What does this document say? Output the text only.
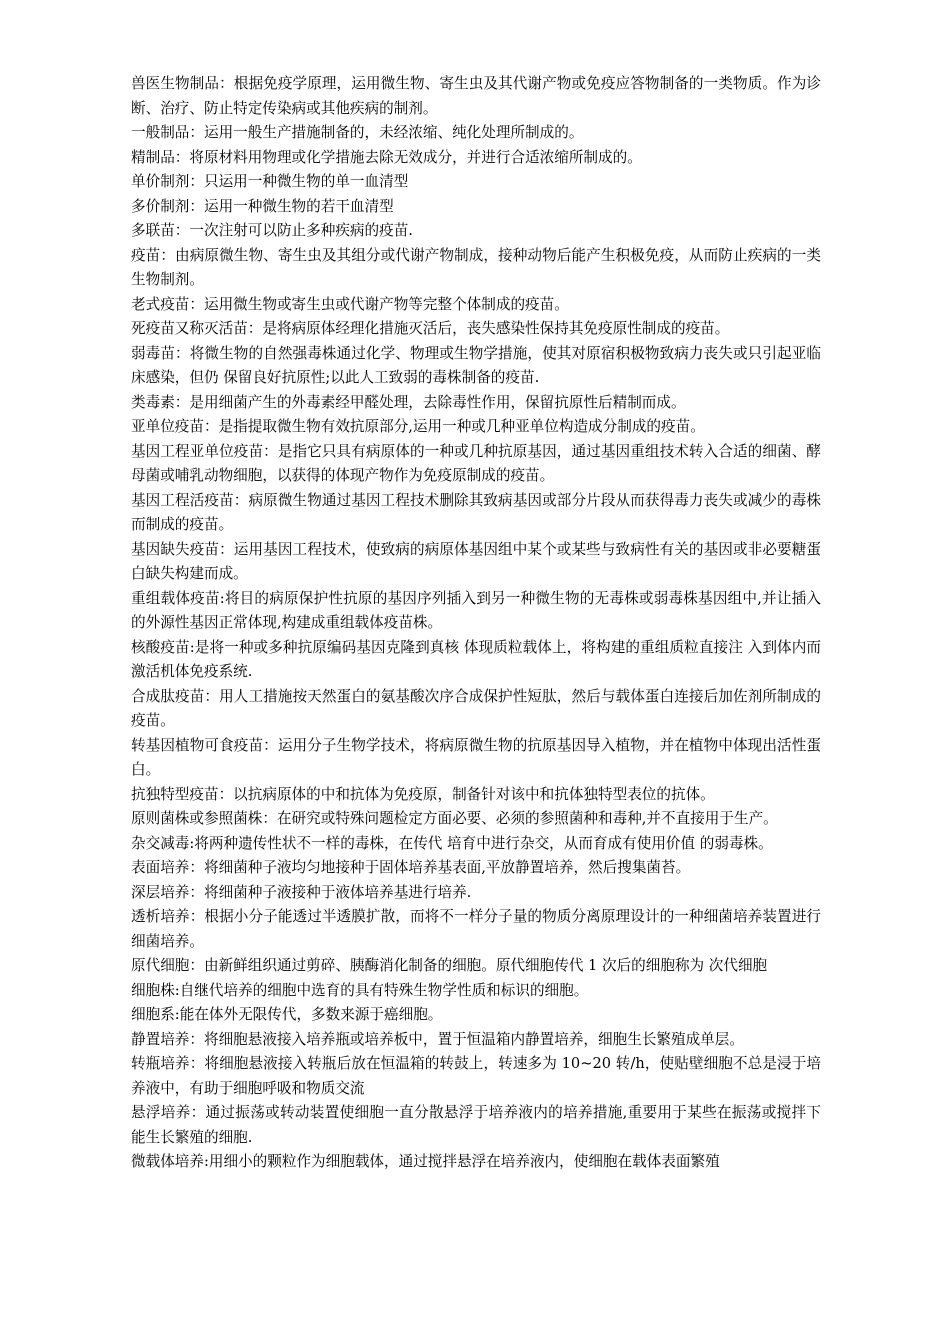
兽医生物制品：根据免疫学原理，运用微生物、寄生虫及其代谢产物或免疫应答物制备的一类物质。作为诊断、治疗、防止特定传染病或其他疾病的制剂。

一般制品：运用一般生产措施制备的，未经浓缩、纯化处理所制成的。

精制品：将原材料用物理或化学措施去除无效成分，并进行合适浓缩所制成的。

单价制剂：只运用一种微生物的单一血清型

多价制剂：运用一种微生物的若干血清型

多联苗：一次注射可以防止多种疾病的疫苗.

疫苗：由病原微生物、寄生虫及其组分或代谢产物制成，接种动物后能产生积极免疫，从而防止疾病的一类生物制剂。

老式疫苗：运用微生物或寄生虫或代谢产物等完整个体制成的疫苗。

死疫苗又称灭活苗：是将病原体经理化措施灭活后，丧失感染性保持其免疫原性制成的疫苗。

弱毒苗：将微生物的自然强毒株通过化学、物理或生物学措施，使其对原宿积极物致病力丧失或只引起亚临床感染，但仍 保留良好抗原性;以此人工致弱的毒株制备的疫苗.

类毒素：是用细菌产生的外毒素经甲醛处理，去除毒性作用，保留抗原性后精制而成。

亚单位疫苗：是指提取微生物有效抗原部分,运用一种或几种亚单位构造成分制成的疫苗。

基因工程亚单位疫苗：是指它只具有病原体的一种或几种抗原基因，通过基因重组技术转入合适的细菌、酵母菌或哺乳动物细胞，以获得的体现产物作为免疫原制成的疫苗。

基因工程活疫苗：病原微生物通过基因工程技术删除其致病基因或部分片段从而获得毒力丧失或减少的毒株而制成的疫苗。

基因缺失疫苗：运用基因工程技术，使致病的病原体基因组中某个或某些与致病性有关的基因或非必要糖蛋白缺失构建而成。

重组载体疫苗:将目的病原保护性抗原的基因序列插入到另一种微生物的无毒株或弱毒株基因组中,并让插入的外源性基因正常体现,构建成重组载体疫苗株。

核酸疫苗:是将一种或多种抗原编码基因克隆到真核 体现质粒载体上，将构建的重组质粒直接注 入到体内而激活机体免疫系统.

合成肽疫苗：用人工措施按天然蛋白的氨基酸次序合成保护性短肽，然后与载体蛋白连接后加佐剂所制成的疫苗。

转基因植物可食疫苗：运用分子生物学技术，将病原微生物的抗原基因导入植物，并在植物中体现出活性蛋白。

抗独特型疫苗：以抗病原体的中和抗体为免疫原，制备针对该中和抗体独特型表位的抗体。

原则菌株或参照菌株：在研究或特殊问题检定方面必要、必须的参照菌种和毒种,并不直接用于生产。

杂交减毒:将两种遗传性状不一样的毒株，在传代 培育中进行杂交，从而育成有使用价值 的弱毒株。

表面培养：将细菌种子液均匀地接种于固体培养基表面,平放静置培养，然后搜集菌苔。

深层培养：将细菌种子液接种于液体培养基进行培养.

透析培养：根据小分子能透过半透膜扩散，而将不一样分子量的物质分离原理设计的一种细菌培养装置进行细菌培养。

原代细胞：由新鲜组织通过剪碎、胰酶消化制备的细胞。原代细胞传代 1 次后的细胞称为 次代细胞

细胞株:自继代培养的细胞中选育的具有特殊生物学性质和标识的细胞。

细胞系:能在体外无限传代，多数来源于癌细胞。

静置培养：将细胞悬液接入培养瓶或培养板中，置于恒温箱内静置培养，细胞生长繁殖成单层。

转瓶培养：将细胞悬液接入转瓶后放在恒温箱的转鼓上，转速多为 10~20 转/h，使贴壁细胞不总是浸于培养液中，有助于细胞呼吸和物质交流

悬浮培养：通过振荡或转动装置使细胞一直分散悬浮于培养液内的培养措施,重要用于某些在振荡或搅拌下能生长繁殖的细胞.

微载体培养:用细小的颗粒作为细胞载体，通过搅拌悬浮在培养液内，使细胞在载体表面繁殖
